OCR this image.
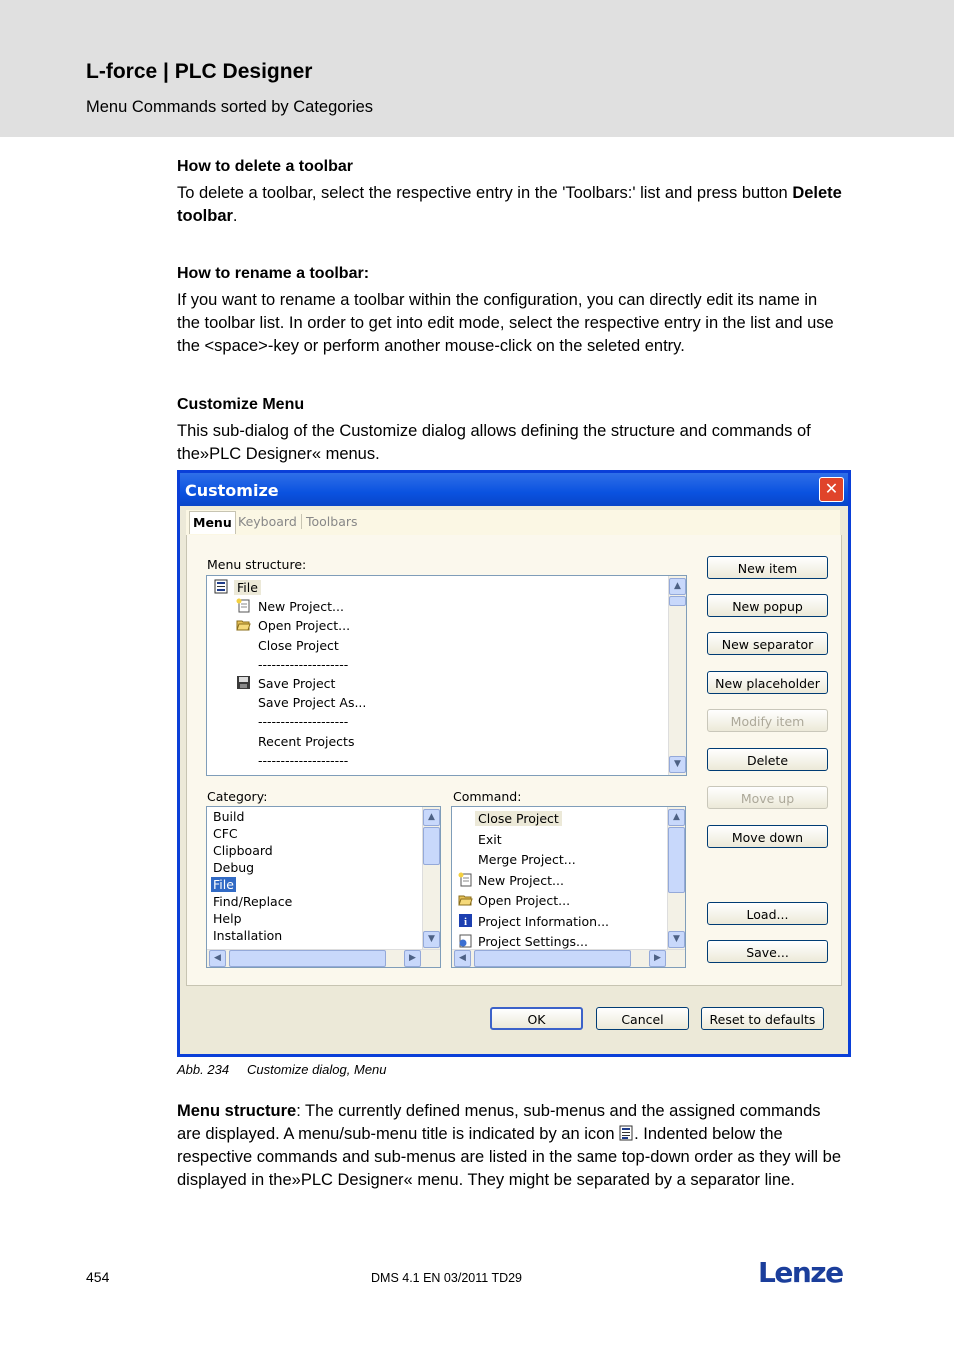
L-force | PLC Designer
Menu Commands sorted by Categories
How to delete a toolbar
To delete a toolbar, select the respective entry in the 'Toolbars:' list and press button Delete toolbar.
How to rename a toolbar:
If you want to rename a toolbar within the configuration, you can directly edit its name in the toolbar list. In order to get into edit mode, select the respective entry in the list and use the <space>-key or perform another mouse-click on the seleted entry.
Customize Menu
This sub-dialog of the Customize dialog allows defining the structure and commands of the»PLC Designer« menus.
Customize	✕
Menu Keyboard Toolbars
Menu structure:
▲
▼
File
New Project...
Open Project...
Close Project
--------------------
Save Project
Save Project As...
--------------------
Recent Projects
--------------------
Category:
▲
▼
◀	▶
Build
CFC
Clipboard
Debug
File
Find/Replace
Help
Installation
Command:
▲
▼
◀	▶
Close Project
Exit
Merge Project...
New Project...
Open Project...
i Project Information...
Project Settings...
New item
New popup
New separator
New placeholder
Modify item
Delete
Move up
Move down
Load...
Save...
OK	Cancel	Reset to defaults
Abb. 234 Customize dialog, Menu
Menu structure: The currently defined menus, sub-menus and the assigned commands are displayed. A menu/sub-menu title is indicated by an icon . Indented below the respective commands and sub-menus are listed in the same top-down order as they will be displayed in the»PLC Designer« menu. They might be separated by a separator line.
454	DMS 4.1 EN 03/2011 TD29	Lenze
